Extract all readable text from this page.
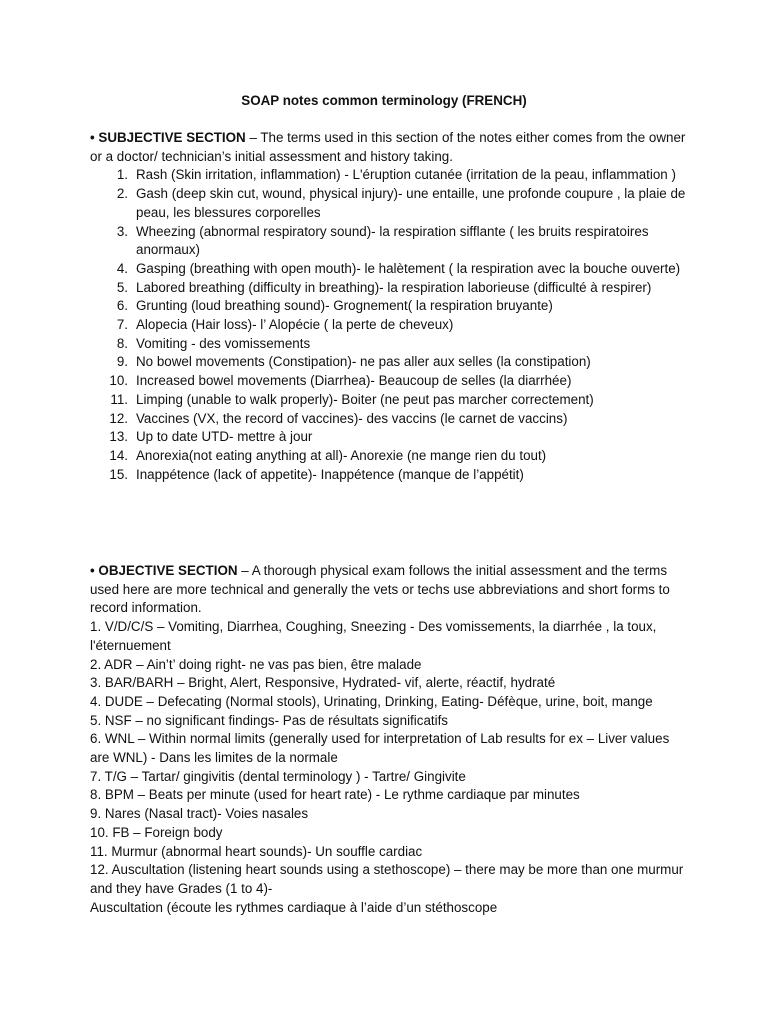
SOAP notes common terminology (FRENCH)

• SUBJECTIVE SECTION – The terms used in this section of the notes either comes from the owner or a doctor/ technician’s initial assessment and history taking.

1. Rash (Skin irritation, inflammation) - L'éruption cutanée (irritation de la peau, inflammation )
2. Gash (deep skin cut, wound, physical injury)- une entaille, une profonde coupure , la plaie de peau, les blessures corporelles
3. Wheezing (abnormal respiratory sound)- la respiration sifflante ( les bruits respiratoires anormaux)
4. Gasping (breathing with open mouth)- le halètement ( la respiration avec la bouche ouverte)
5. Labored breathing (difficulty in breathing)- la respiration laborieuse (difficulté à respirer)
6. Grunting (loud breathing sound)- Grognement( la respiration bruyante)
7. Alopecia (Hair loss)- l’ Alopécie ( la perte de cheveux)
8. Vomiting - des vomissements
9. No bowel movements (Constipation)- ne pas aller aux selles (la constipation)
10. Increased bowel movements (Diarrhea)- Beaucoup de selles (la diarrhée)
11. Limping (unable to walk properly)- Boiter (ne peut pas marcher correctement)
12. Vaccines (VX, the record of vaccines)- des vaccins (le carnet de vaccins)
13. Up to date UTD- mettre à jour
14. Anorexia(not eating anything at all)- Anorexie (ne mange rien du tout)
15. Inappétence (lack of appetite)- Inappétence (manque de l’appétit)

• OBJECTIVE SECTION – A thorough physical exam follows the initial assessment and the terms used here are more technical and generally the vets or techs use abbreviations and short forms to record information.

1. V/D/C/S – Vomiting, Diarrhea, Coughing, Sneezing - Des vomissements, la diarrhée , la toux, l'éternuement

2. ADR – Ain’t’ doing right- ne vas pas bien, être malade

3. BAR/BARH – Bright, Alert, Responsive, Hydrated- vif, alerte, réactif, hydraté

4. DUDE – Defecating (Normal stools), Urinating, Drinking, Eating- Défèque, urine, boit, mange

5. NSF – no significant findings- Pas de résultats significatifs

6. WNL – Within normal limits (generally used for interpretation of Lab results for ex – Liver values are WNL) - Dans les limites de la normale

7. T/G – Tartar/ gingivitis (dental terminology ) - Tartre/ Gingivite

8. BPM – Beats per minute (used for heart rate) - Le rythme cardiaque par minutes

9. Nares (Nasal tract)- Voies nasales

10. FB – Foreign body

11. Murmur (abnormal heart sounds)- Un souffle cardiac

12. Auscultation (listening heart sounds using a stethoscope) – there may be more than one murmur and they have Grades (1 to 4)-

Auscultation (écoute les rythmes cardiaque à l’aide d’un stéthoscope
